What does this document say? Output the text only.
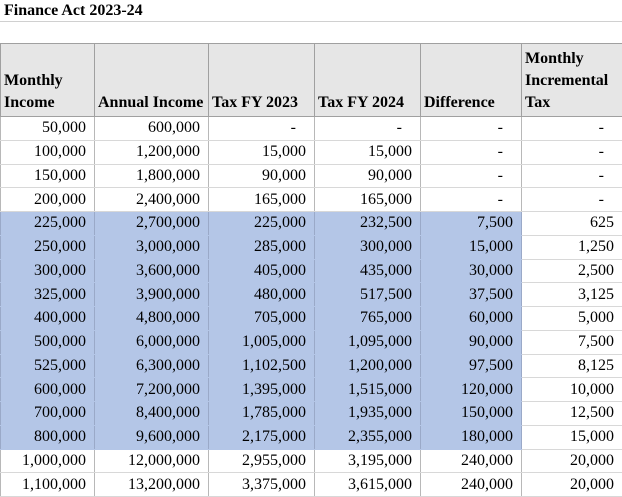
Finance Act 2023-24
Monthly Income	Annual Income	Tax FY 2023	Tax FY 2024	Difference	Monthly Incremental Tax
50,000	600,000	-	-	-	-
100,000	1,200,000	15,000	15,000	-	-
150,000	1,800,000	90,000	90,000	-	-
200,000	2,400,000	165,000	165,000	-	-
225,000	2,700,000	225,000	232,500	7,500	625
250,000	3,000,000	285,000	300,000	15,000	1,250
300,000	3,600,000	405,000	435,000	30,000	2,500
325,000	3,900,000	480,000	517,500	37,500	3,125
400,000	4,800,000	705,000	765,000	60,000	5,000
500,000	6,000,000	1,005,000	1,095,000	90,000	7,500
525,000	6,300,000	1,102,500	1,200,000	97,500	8,125
600,000	7,200,000	1,395,000	1,515,000	120,000	10,000
700,000	8,400,000	1,785,000	1,935,000	150,000	12,500
800,000	9,600,000	2,175,000	2,355,000	180,000	15,000
1,000,000	12,000,000	2,955,000	3,195,000	240,000	20,000
1,100,000	13,200,000	3,375,000	3,615,000	240,000	20,000
